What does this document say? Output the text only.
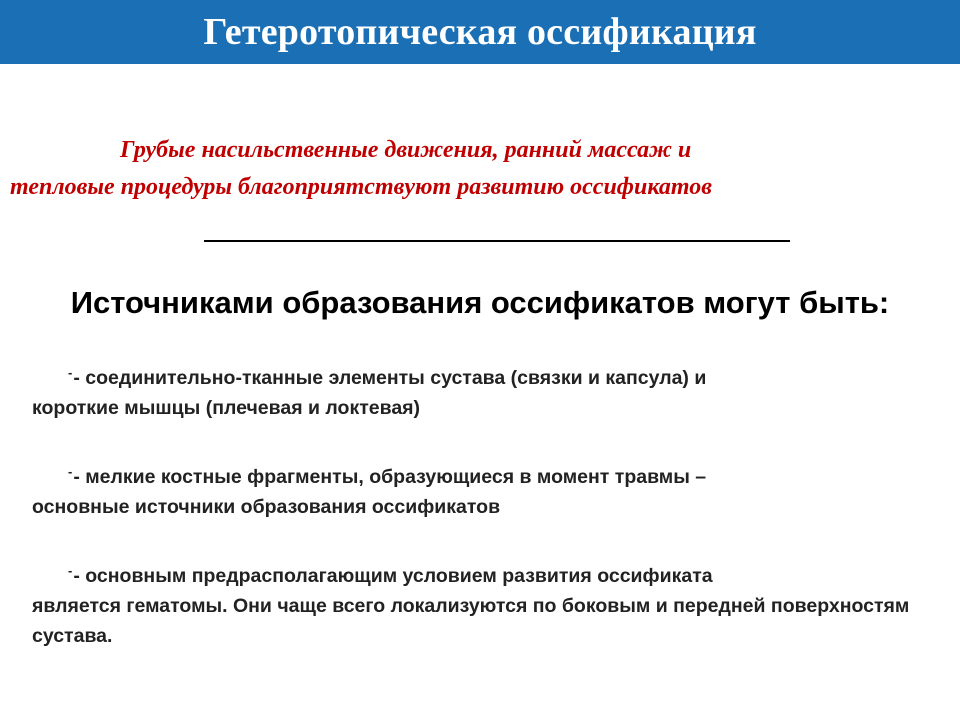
Гетеротопическая оссификация

Грубые насильственные движения, ранний массаж и
тепловые процедуры благоприятствуют развитию оссификатов

Источниками образования оссификатов могут быть:
-- соединительно-тканные элементы сустава (связки и капсула) и
короткие мышцы (плечевая и локтевая)
-- мелкие костные фрагменты, образующиеся в момент травмы –
основные источники образования оссификатов
-- основным предрасполагающим условием развития оссификата
является гематомы. Они чаще всего локализуются по боковым и передней поверхностям сустава.
